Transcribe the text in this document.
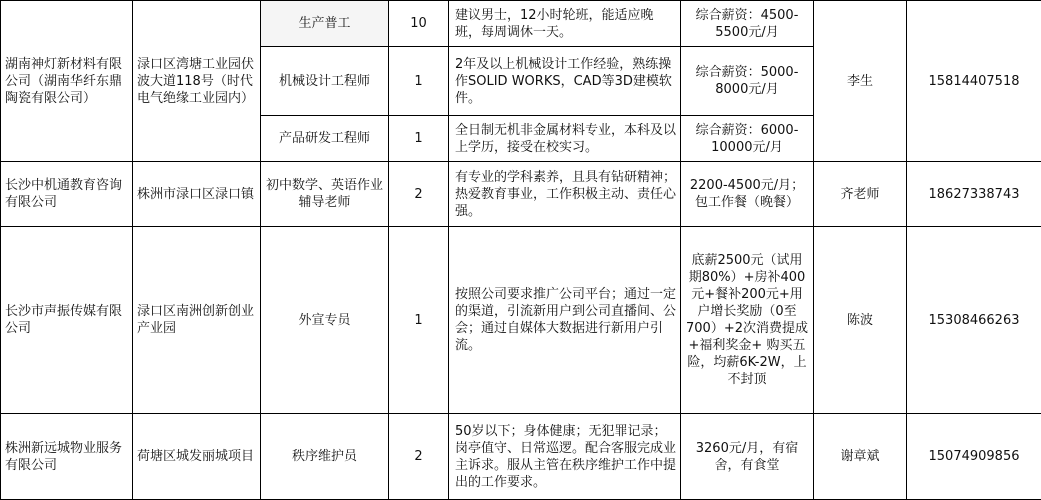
湖南神灯新材料有限公司（湖南华纤东鼎陶瓷有限公司）	渌口区湾塘工业园伏波大道118号（时代电气绝缘工业园内）	生产普工	10	建议男士，12小时轮班，能适应晚班，每周调休一天。	综合薪资：4500-5500元/月	李生	15814407518
		机械设计工程师	1	2年及以上机械设计工作经验，熟练操作SOLID WORKS，CAD等3D建模软件。	综合薪资：5000-8000元/月		
		产品研发工程师	1	全日制无机非金属材料专业，本科及以上学历，接受在校实习。	综合薪资：6000-10000元/月		
长沙中机通教育咨询有限公司	株洲市渌口区渌口镇	初中数学、英语作业辅导老师	2	有专业的学科素养，且具有钻研精神；热爱教育事业，工作积极主动、责任心强。	2200-4500元/月；包工作餐（晚餐）	齐老师	18627338743
长沙市声振传媒有限公司	渌口区南洲创新创业产业园	外宣专员	1	按照公司要求推广公司平台；通过一定的渠道，引流新用户到公司直播间、公会；通过自媒体大数据进行新用户引流。	底薪2500元（试用期80%）+房补400元+餐补200元+用户增长奖励（0至700）+2次消费提成+福利奖金+ 购买五险，均薪6K-2W，上不封顶	陈波	15308466263
株洲新远城物业服务有限公司	荷塘区城发丽城项目	秩序维护员	2	50岁以下；身体健康；无犯罪记录；岗亭值守、日常巡逻。配合客服完成业主诉求。服从主管在秩序维护工作中提出的工作要求。	3260元/月，有宿舍，有食堂	谢章斌	15074909856
